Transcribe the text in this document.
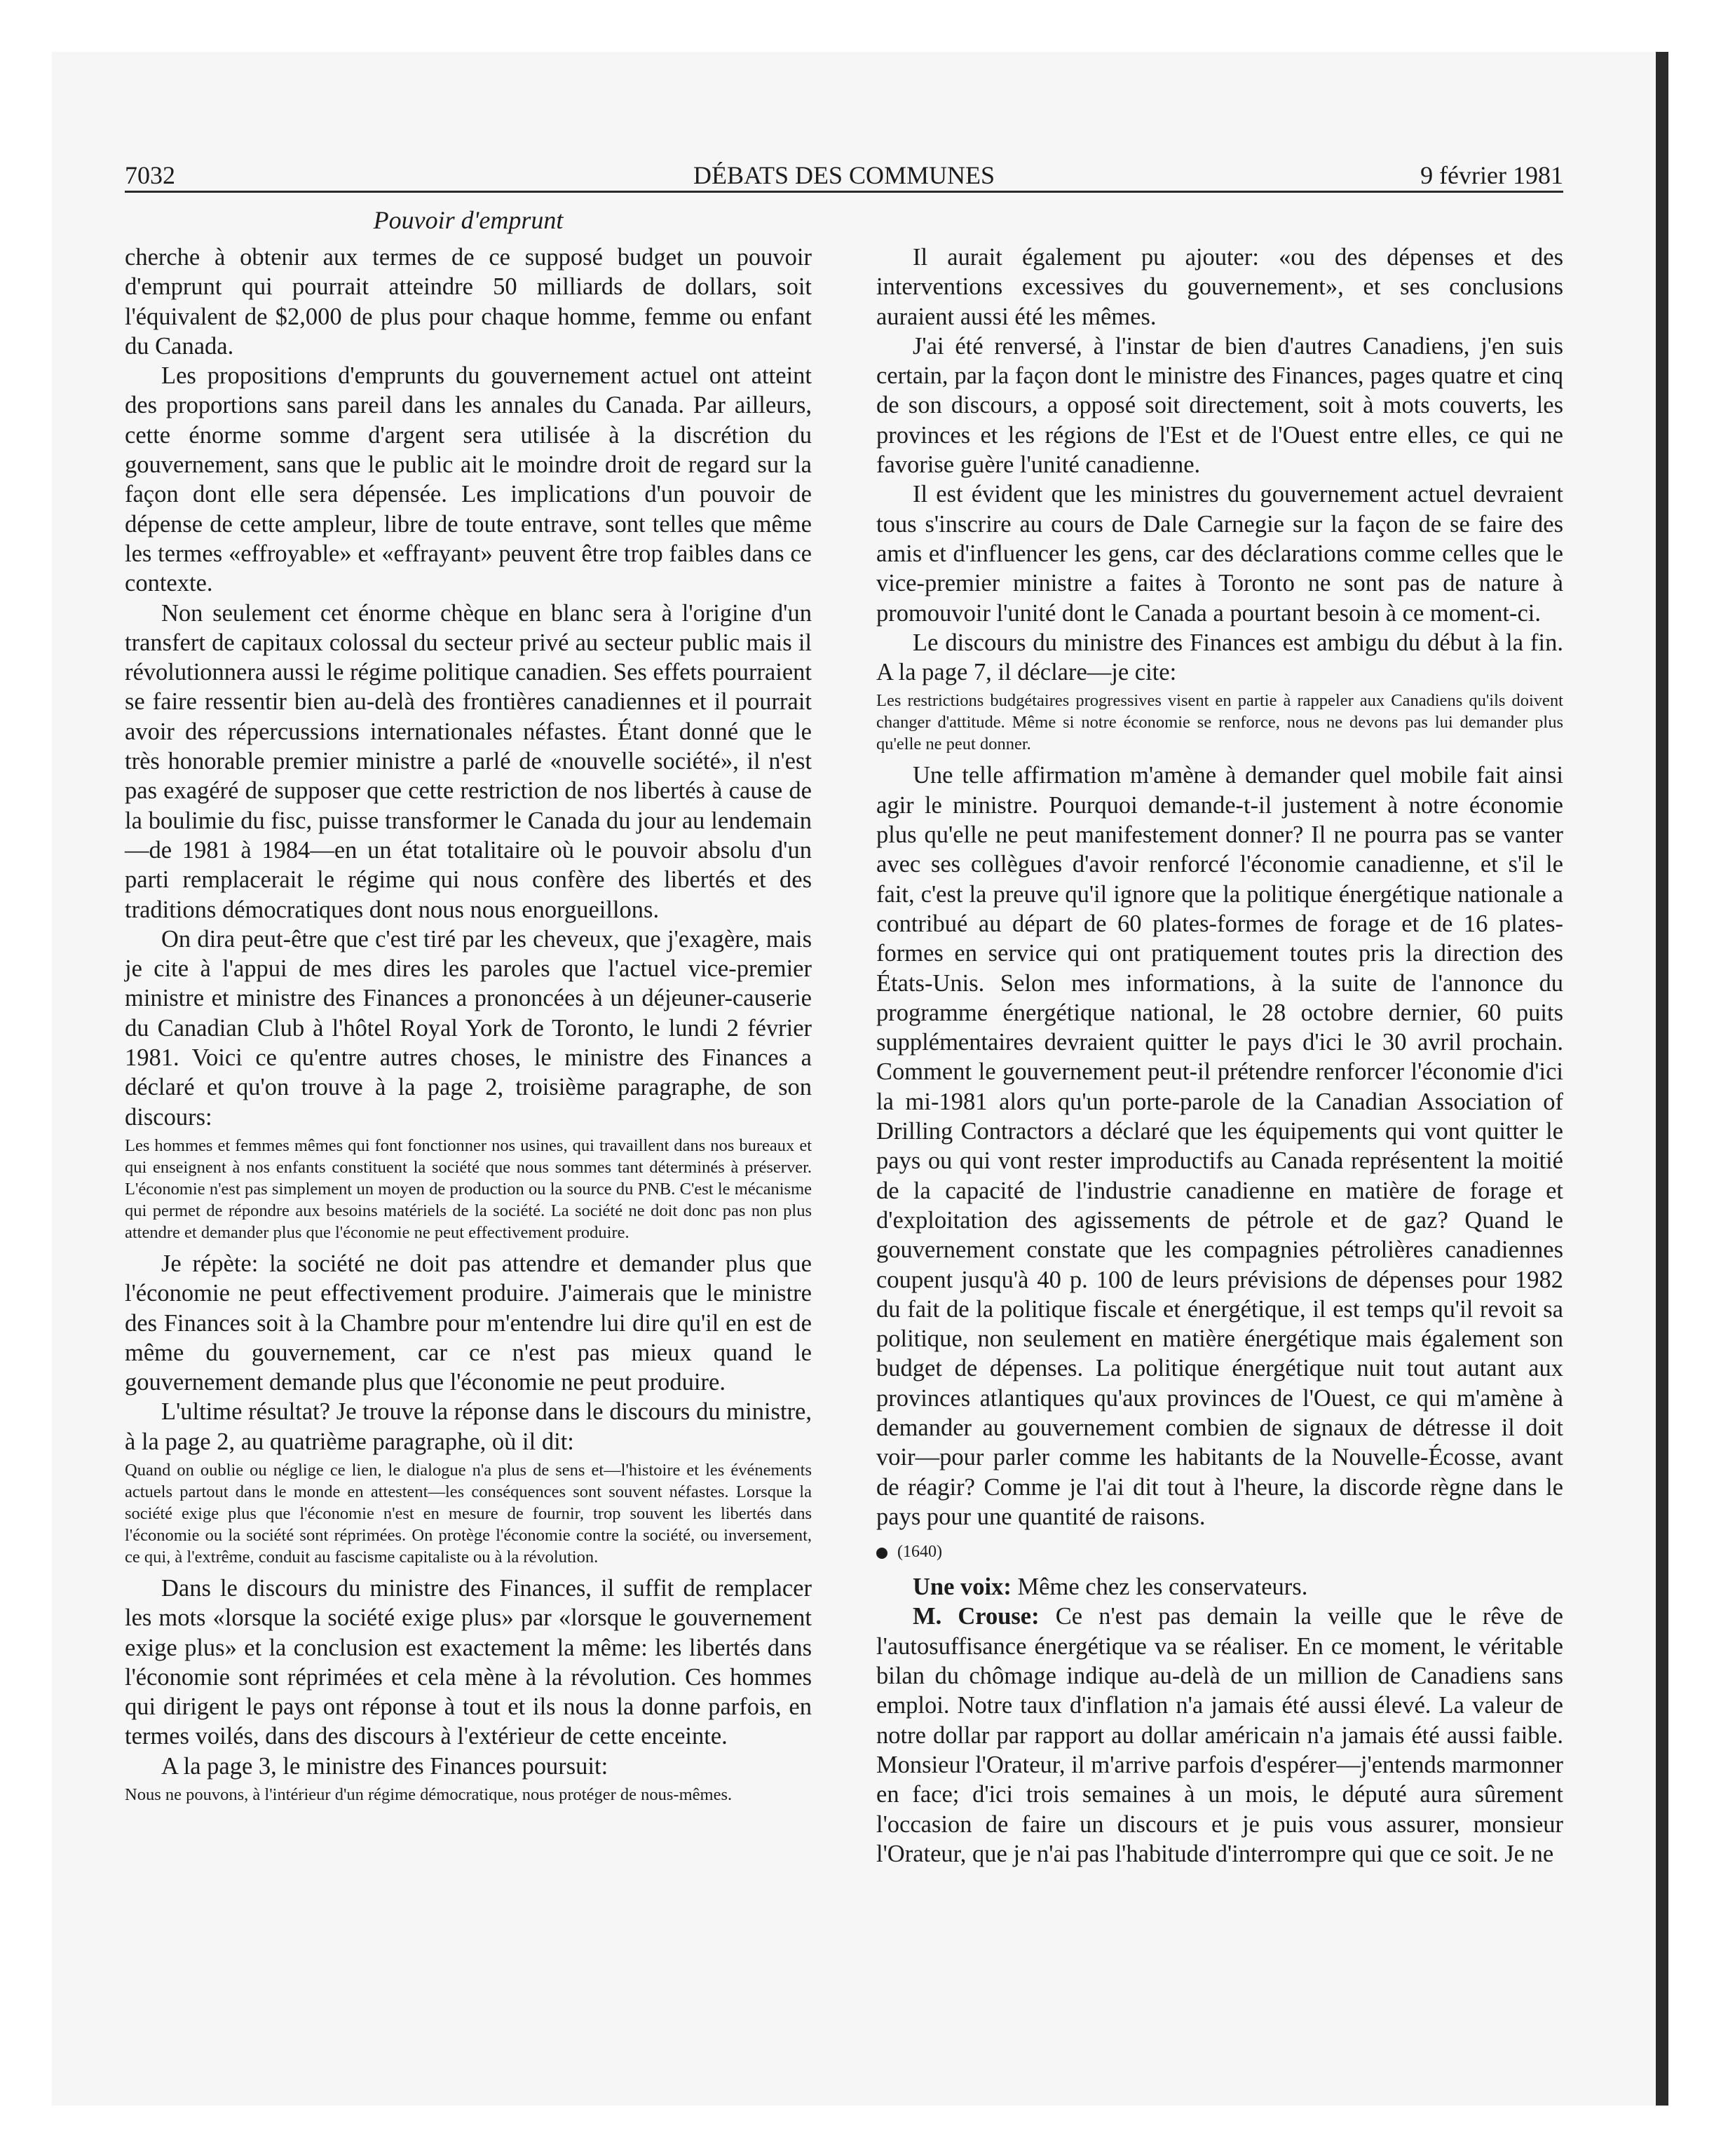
7032	DÉBATS DES COMMUNES	9 février 1981
Pouvoir d'emprunt

cherche à obtenir aux termes de ce supposé budget un pouvoir d'emprunt qui pourrait atteindre 50 milliards de dollars, soit l'équivalent de $2,000 de plus pour chaque homme, femme ou enfant du Canada.

Les propositions d'emprunts du gouvernement actuel ont atteint des proportions sans pareil dans les annales du Canada. Par ailleurs, cette énorme somme d'argent sera utilisée à la discrétion du gouvernement, sans que le public ait le moindre droit de regard sur la façon dont elle sera dépensée. Les implications d'un pouvoir de dépense de cette ampleur, libre de toute entrave, sont telles que même les termes «effroyable» et «effrayant» peuvent être trop faibles dans ce contexte.

Non seulement cet énorme chèque en blanc sera à l'origine d'un transfert de capitaux colossal du secteur privé au secteur public mais il révolutionnera aussi le régime politique canadien. Ses effets pourraient se faire ressentir bien au-delà des frontières canadiennes et il pourrait avoir des répercussions internationales néfastes. Étant donné que le très honorable premier ministre a parlé de «nouvelle société», il n'est pas exagéré de supposer que cette restriction de nos libertés à cause de la boulimie du fisc, puisse transformer le Canada du jour au lendemain—de 1981 à 1984—en un état totalitaire où le pouvoir absolu d'un parti remplacerait le régime qui nous confère des libertés et des traditions démocratiques dont nous nous enorgueillons.

On dira peut-être que c'est tiré par les cheveux, que j'exagère, mais je cite à l'appui de mes dires les paroles que l'actuel vice-premier ministre et ministre des Finances a prononcées à un déjeuner-causerie du Canadian Club à l'hôtel Royal York de Toronto, le lundi 2 février 1981. Voici ce qu'entre autres choses, le ministre des Finances a déclaré et qu'on trouve à la page 2, troisième paragraphe, de son discours:

Les hommes et femmes mêmes qui font fonctionner nos usines, qui travaillent dans nos bureaux et qui enseignent à nos enfants constituent la société que nous sommes tant déterminés à préserver. L'économie n'est pas simplement un moyen de production ou la source du PNB. C'est le mécanisme qui permet de répondre aux besoins matériels de la société. La société ne doit donc pas non plus attendre et demander plus que l'économie ne peut effectivement produire.

Je répète: la société ne doit pas attendre et demander plus que l'économie ne peut effectivement produire. J'aimerais que le ministre des Finances soit à la Chambre pour m'entendre lui dire qu'il en est de même du gouvernement, car ce n'est pas mieux quand le gouvernement demande plus que l'économie ne peut produire.

L'ultime résultat? Je trouve la réponse dans le discours du ministre, à la page 2, au quatrième paragraphe, où il dit:

Quand on oublie ou néglige ce lien, le dialogue n'a plus de sens et—l'histoire et les événements actuels partout dans le monde en attestent—les conséquences sont souvent néfastes. Lorsque la société exige plus que l'économie n'est en mesure de fournir, trop souvent les libertés dans l'économie ou la société sont réprimées. On protège l'économie contre la société, ou inversement, ce qui, à l'extrême, conduit au fascisme capitaliste ou à la révolution.

Dans le discours du ministre des Finances, il suffit de remplacer les mots «lorsque la société exige plus» par «lorsque le gouvernement exige plus» et la conclusion est exactement la même: les libertés dans l'économie sont réprimées et cela mène à la révolution. Ces hommes qui dirigent le pays ont réponse à tout et ils nous la donne parfois, en termes voilés, dans des discours à l'extérieur de cette enceinte.

A la page 3, le ministre des Finances poursuit:

Nous ne pouvons, à l'intérieur d'un régime démocratique, nous protéger de nous-mêmes.

Il aurait également pu ajouter: «ou des dépenses et des interventions excessives du gouvernement», et ses conclusions auraient aussi été les mêmes.

J'ai été renversé, à l'instar de bien d'autres Canadiens, j'en suis certain, par la façon dont le ministre des Finances, pages quatre et cinq de son discours, a opposé soit directement, soit à mots couverts, les provinces et les régions de l'Est et de l'Ouest entre elles, ce qui ne favorise guère l'unité canadienne.

Il est évident que les ministres du gouvernement actuel devraient tous s'inscrire au cours de Dale Carnegie sur la façon de se faire des amis et d'influencer les gens, car des déclarations comme celles que le vice-premier ministre a faites à Toronto ne sont pas de nature à promouvoir l'unité dont le Canada a pourtant besoin à ce moment-ci.

Le discours du ministre des Finances est ambigu du début à la fin. A la page 7, il déclare—je cite:

Les restrictions budgétaires progressives visent en partie à rappeler aux Canadiens qu'ils doivent changer d'attitude. Même si notre économie se renforce, nous ne devons pas lui demander plus qu'elle ne peut donner.

Une telle affirmation m'amène à demander quel mobile fait ainsi agir le ministre. Pourquoi demande-t-il justement à notre économie plus qu'elle ne peut manifestement donner? Il ne pourra pas se vanter avec ses collègues d'avoir renforcé l'économie canadienne, et s'il le fait, c'est la preuve qu'il ignore que la politique énergétique nationale a contribué au départ de 60 plates-formes de forage et de 16 plates-formes en service qui ont pratiquement toutes pris la direction des États-Unis. Selon mes informations, à la suite de l'annonce du programme énergétique national, le 28 octobre dernier, 60 puits supplémentaires devraient quitter le pays d'ici le 30 avril prochain. Comment le gouvernement peut-il prétendre renforcer l'économie d'ici la mi-1981 alors qu'un porte-parole de la Canadian Association of Drilling Contractors a déclaré que les équipements qui vont quitter le pays ou qui vont rester improductifs au Canada représentent la moitié de la capacité de l'industrie canadienne en matière de forage et d'exploitation des agissements de pétrole et de gaz? Quand le gouvernement constate que les compagnies pétrolières canadiennes coupent jusqu'à 40 p. 100 de leurs prévisions de dépenses pour 1982 du fait de la politique fiscale et énergétique, il est temps qu'il revoit sa politique, non seulement en matière énergétique mais également son budget de dépenses. La politique énergétique nuit tout autant aux provinces atlantiques qu'aux provinces de l'Ouest, ce qui m'amène à demander au gouvernement combien de signaux de détresse il doit voir—pour parler comme les habitants de la Nouvelle-Écosse, avant de réagir? Comme je l'ai dit tout à l'heure, la discorde règne dans le pays pour une quantité de raisons.

(1640)

Une voix: Même chez les conservateurs.

M. Crouse: Ce n'est pas demain la veille que le rêve de l'autosuffisance énergétique va se réaliser. En ce moment, le véritable bilan du chômage indique au-delà de un million de Canadiens sans emploi. Notre taux d'inflation n'a jamais été aussi élevé. La valeur de notre dollar par rapport au dollar américain n'a jamais été aussi faible. Monsieur l'Orateur, il m'arrive parfois d'espérer—j'entends marmonner en face; d'ici trois semaines à un mois, le député aura sûrement l'occasion de faire un discours et je puis vous assurer, monsieur l'Orateur, que je n'ai pas l'habitude d'interrompre qui que ce soit. Je ne
